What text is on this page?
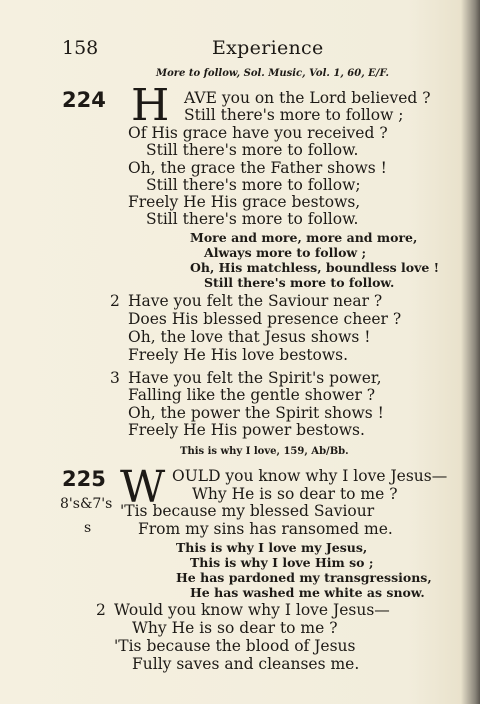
158	Experience
More to follow, Sol. Music, Vol. 1, 60, E/F.
224 H AVE you on the Lord believed ?
Still there's more to follow ;
Of His grace have you received ?
Still there's more to follow.
Oh, the grace the Father shows !
Still there's more to follow;
Freely He His grace bestows,
Still there's more to follow.
More and more, more and more,
Always more to follow ;
Oh, His matchless, boundless love !
Still there's more to follow.
2 Have you felt the Saviour near ?
Does His blessed presence cheer ?
Oh, the love that Jesus shows !
Freely He His love bestows.
3 Have you felt the Spirit's power,
Falling like the gentle shower ?
Oh, the power the Spirit shows !
Freely He His power bestows.
This is why I love, 159, Ab/Bb.
225
8's&7's
s
W OULD you know why I love Jesus—
Why He is so dear to me ?
'Tis because my blessed Saviour
From my sins has ransomed me.
This is why I love my Jesus,
This is why I love Him so ;
He has pardoned my transgressions,
He has washed me white as snow.
2 Would you know why I love Jesus—
Why He is so dear to me ?
'Tis because the blood of Jesus
Fully saves and cleanses me.
